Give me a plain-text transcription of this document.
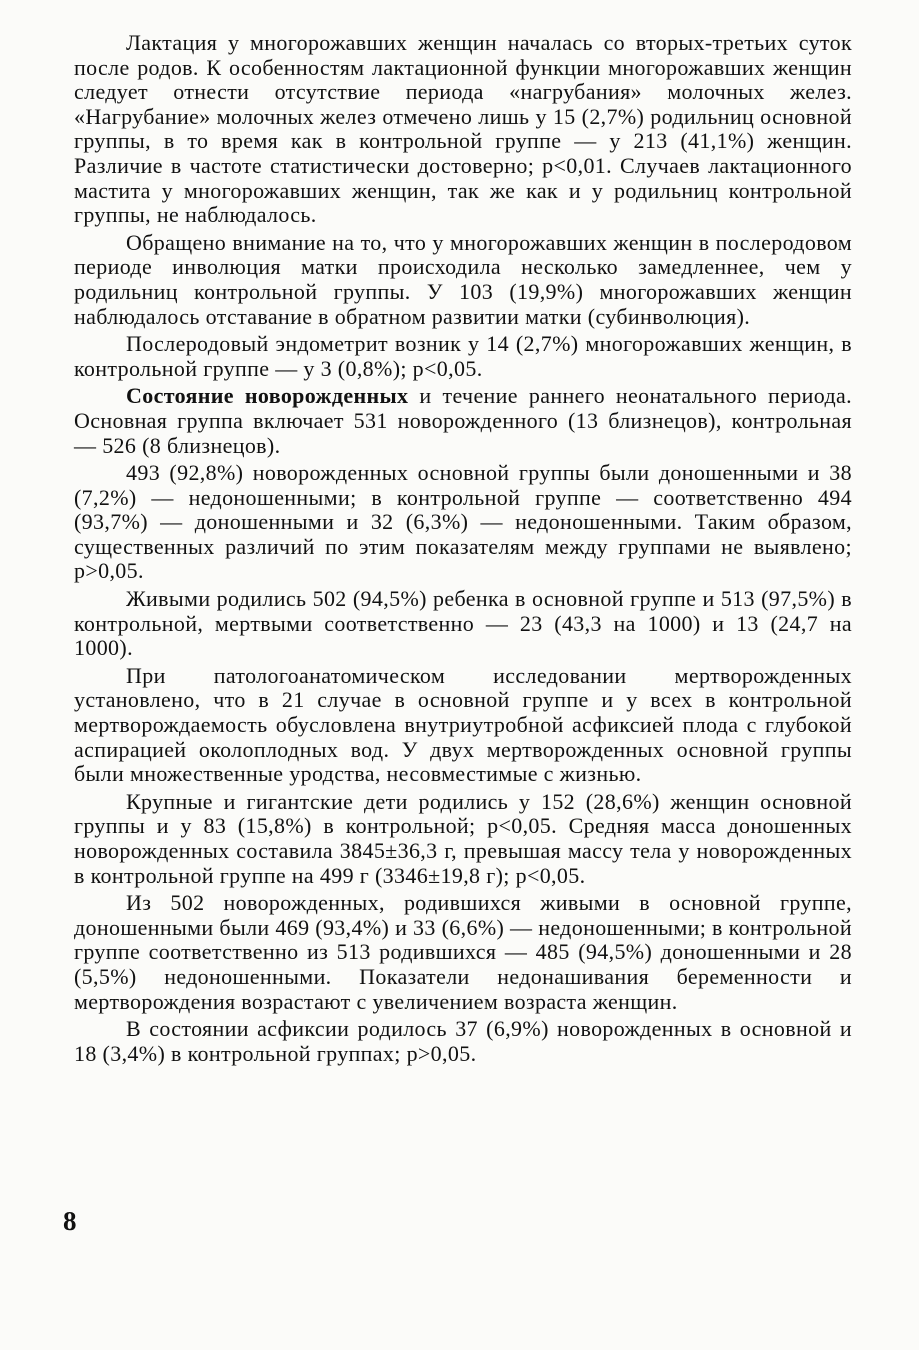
Лактация у многорожавших женщин началась со вторых-третьих суток после родов. К особенностям лактационной функции многорожавших женщин следует отнести отсутствие периода «нагрубания» молочных желез. «Нагрубание» молочных желез отмечено лишь у 15 (2,7%) родильниц основной группы, в то время как в контрольной группе — у 213 (41,1%) женщин. Различие в частоте статистически достоверно; р<0,01. Случаев лактационного мастита у многорожавших женщин, так же как и у родильниц контрольной группы, не наблюдалось.

Обращено внимание на то, что у многорожавших женщин в послеродовом периоде инволюция матки происходила несколько замедленнее, чем у родильниц контрольной группы. У 103 (19,9%) многорожавших женщин наблюдалось отставание в обратном развитии матки (субинволюция).

Послеродовый эндометрит возник у 14 (2,7%) многорожавших женщин, в контрольной группе — у 3 (0,8%); р<0,05.

Состояние новорожденных и течение раннего неонатального периода. Основная группа включает 531 новорожденного (13 близнецов), контрольная — 526 (8 близнецов).

493 (92,8%) новорожденных основной группы были доношенными и 38 (7,2%) — недоношенными; в контрольной группе — соответственно 494 (93,7%) — доношенными и 32 (6,3%) — недоношенными. Таким образом, существенных различий по этим показателям между группами не выявлено; р>0,05.

Живыми родились 502 (94,5%) ребенка в основной группе и 513 (97,5%) в контрольной, мертвыми соответственно — 23 (43,3 на 1000) и 13 (24,7 на 1000).

При патологоанатомическом исследовании мертворожденных установлено, что в 21 случае в основной группе и у всех в контрольной мертворождаемость обусловлена внутриутробной асфиксией плода с глубокой аспирацией околоплодных вод. У двух мертворожденных основной группы были множественные уродства, несовместимые с жизнью.

Крупные и гигантские дети родились у 152 (28,6%) женщин основной группы и у 83 (15,8%) в контрольной; р<0,05. Средняя масса доношенных новорожденных составила 3845±36,3 г, превышая массу тела у новорожденных в контрольной группе на 499 г (3346±19,8 г); р<0,05.

Из 502 новорожденных, родившихся живыми в основной группе, доношенными были 469 (93,4%) и 33 (6,6%) — недоношенными; в контрольной группе соответственно из 513 родившихся — 485 (94,5%) доношенными и 28 (5,5%) недоношенными. Показатели недонашивания беременности и мертворождения возрастают с увеличением возраста женщин.

В состоянии асфиксии родилось 37 (6,9%) новорожденных в основной и 18 (3,4%) в контрольной группах; р>0,05.

8
